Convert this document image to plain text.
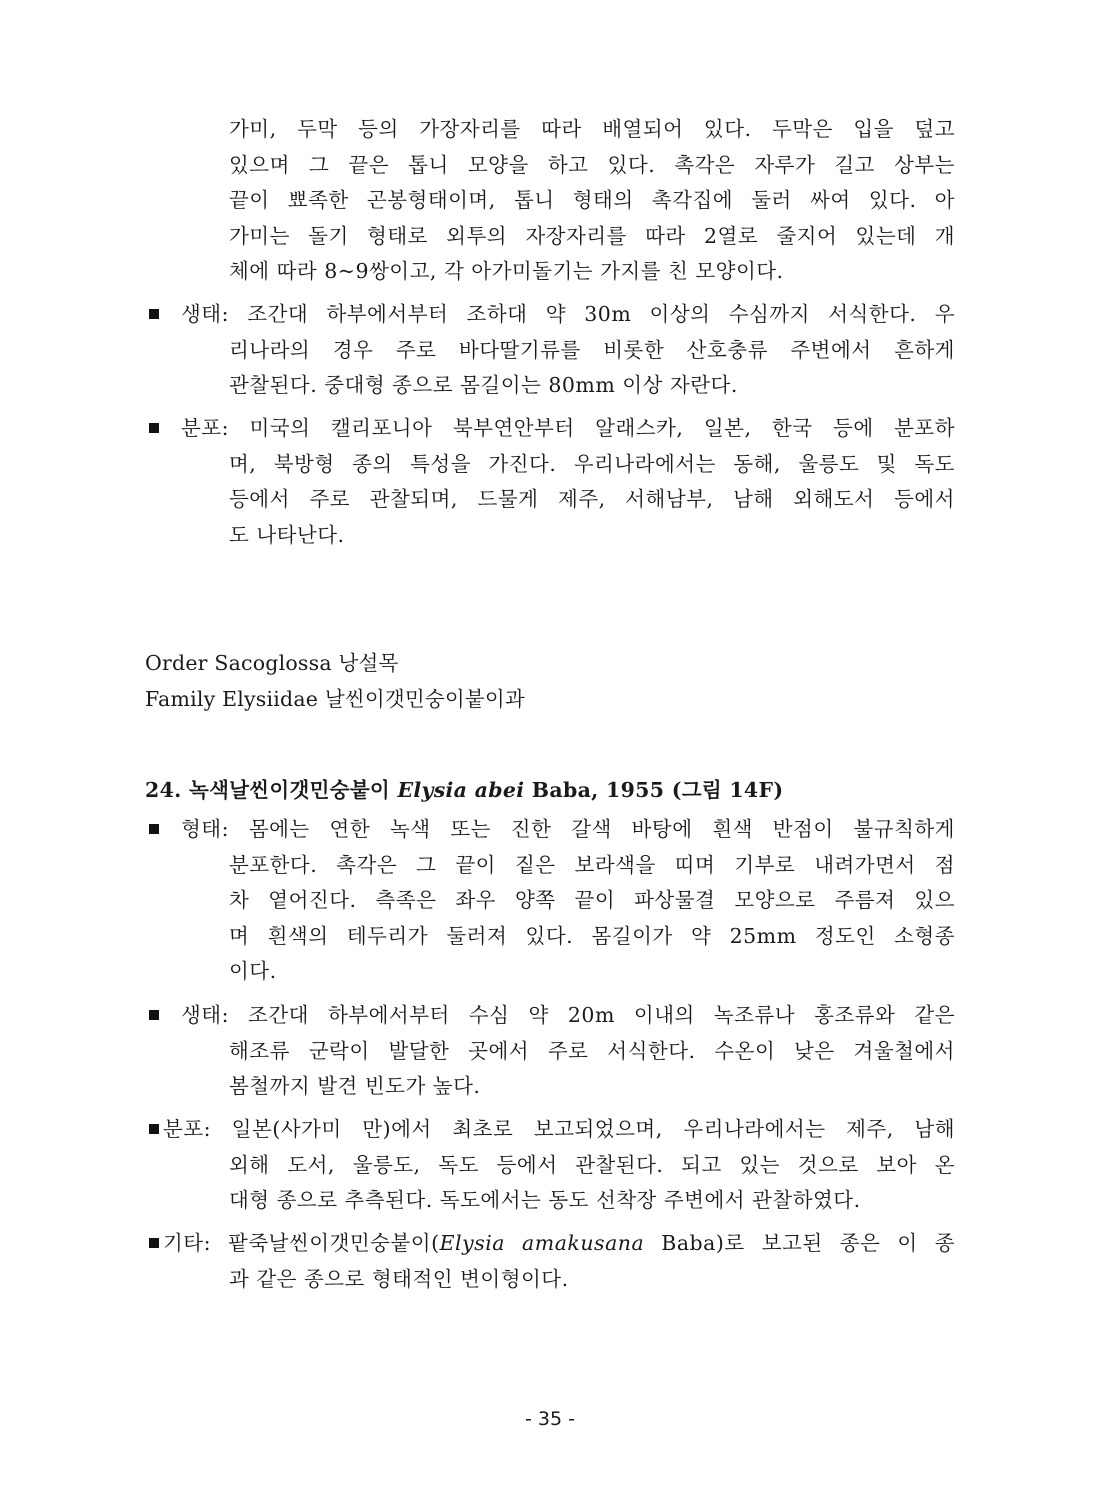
가미, 두막 등의 가장자리를 따라 배열되어 있다. 두막은 입을 덮고
있으며 그 끝은 톱니 모양을 하고 있다. 촉각은 자루가 길고 상부는
끝이 뾰족한 곤봉형태이며, 톱니 형태의 촉각집에 둘러 싸여 있다. 아
가미는 돌기 형태로 외투의 자장자리를 따라 2열로 줄지어 있는데 개
체에 따라 8~9쌍이고, 각 아가미돌기는 가지를 친 모양이다.
생태: 조간대 하부에서부터 조하대 약 30m 이상의 수심까지 서식한다. 우
리나라의 경우 주로 바다딸기류를 비롯한 산호충류 주변에서 흔하게
관찰된다. 중대형 종으로 몸길이는 80mm 이상 자란다.
분포: 미국의 캘리포니아 북부연안부터 알래스카, 일본, 한국 등에 분포하
며, 북방형 종의 특성을 가진다. 우리나라에서는 동해, 울릉도 및 독도
등에서 주로 관찰되며, 드물게 제주, 서해남부, 남해 외해도서 등에서
도 나타난다.
Order Sacoglossa 낭설목
Family Elysiidae 날씬이갯민숭이붙이과
24. 녹색날씬이갯민숭붙이 Elysia abei Baba, 1955 (그림 14F)
형태: 몸에는 연한 녹색 또는 진한 갈색 바탕에 흰색 반점이 불규칙하게
분포한다. 촉각은 그 끝이 짙은 보라색을 띠며 기부로 내려가면서 점
차 옅어진다. 측족은 좌우 양쪽 끝이 파상물결 모양으로 주름져 있으
며 흰색의 테두리가 둘러져 있다. 몸길이가 약 25mm 정도인 소형종
이다.
생태: 조간대 하부에서부터 수심 약 20m 이내의 녹조류나 홍조류와 같은
해조류 군락이 발달한 곳에서 주로 서식한다. 수온이 낮은 겨울철에서
봄철까지 발견 빈도가 높다.
분포: 일본(사가미 만)에서 최초로 보고되었으며, 우리나라에서는 제주, 남해
외해 도서, 울릉도, 독도 등에서 관찰된다. 되고 있는 것으로 보아 온
대형 종으로 추측된다. 독도에서는 동도 선착장 주변에서 관찰하였다.
기타: 팥죽날씬이갯민숭붙이(Elysia amakusana Baba)로 보고된 종은 이 종
과 같은 종으로 형태적인 변이형이다.
- 35 -
